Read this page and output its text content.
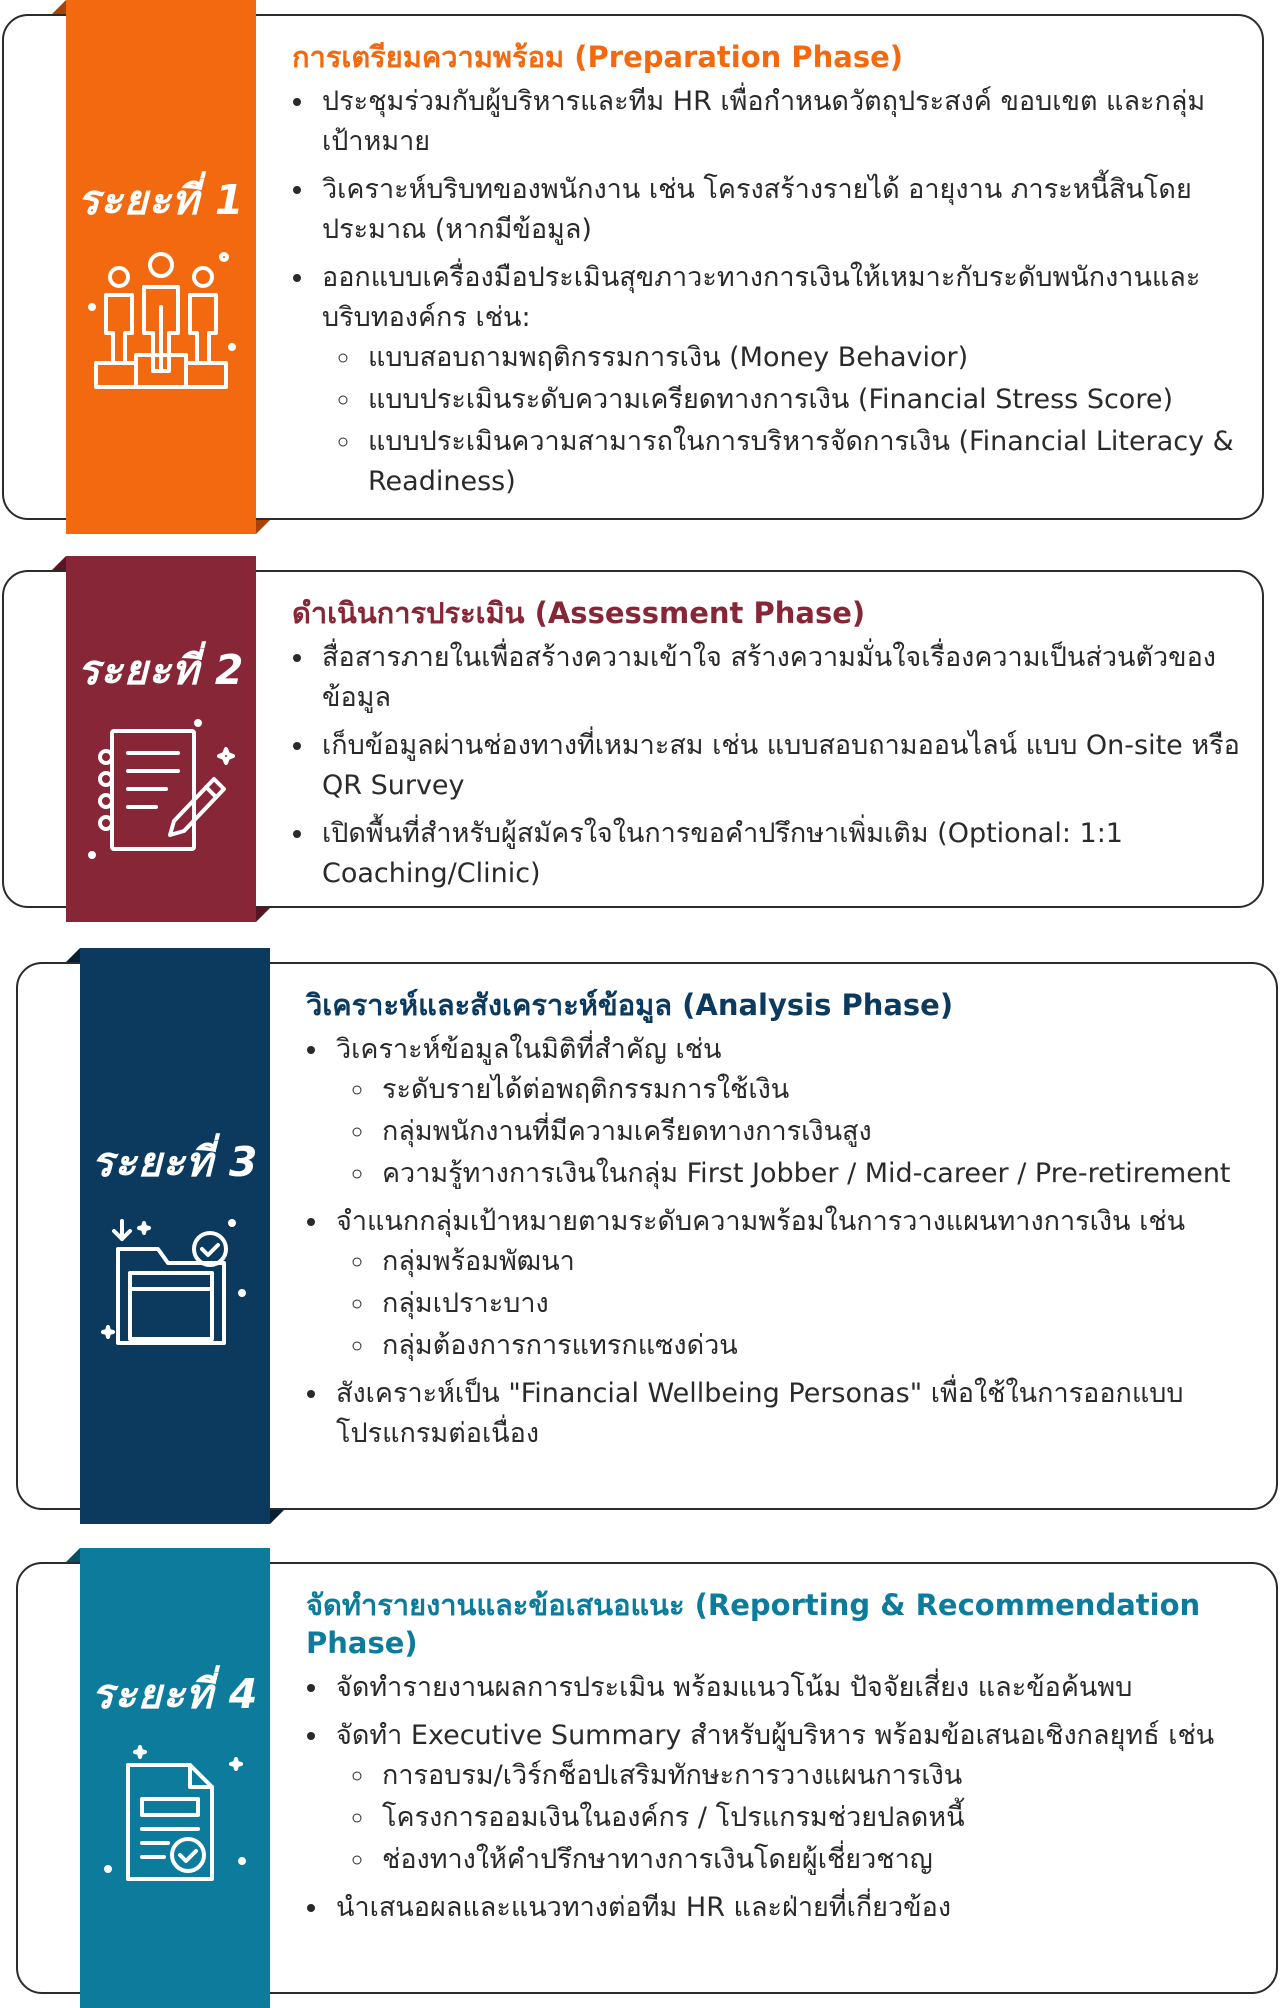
ระยะที่ 1
การเตรียมความพร้อม (Preparation Phase)
• ประชุมร่วมกับผู้บริหารและทีม HR เพื่อกำหนดวัตถุประสงค์ ขอบเขต และกลุ่มเป้าหมาย
• วิเคราะห์บริบทของพนักงาน เช่น โครงสร้างรายได้ อายุงาน ภาระหนี้สินโดยประมาณ (หากมีข้อมูล)
• ออกแบบเครื่องมือประเมินสุขภาวะทางการเงินให้เหมาะกับระดับพนักงานและบริบทองค์กร เช่น:
◦ แบบสอบถามพฤติกรรมการเงิน (Money Behavior)
◦ แบบประเมินระดับความเครียดทางการเงิน (Financial Stress Score)
◦ แบบประเมินความสามารถในการบริหารจัดการเงิน (Financial Literacy & Readiness)
ระยะที่ 2
ดำเนินการประเมิน (Assessment Phase)
• สื่อสารภายในเพื่อสร้างความเข้าใจ สร้างความมั่นใจเรื่องความเป็นส่วนตัวของข้อมูล
• เก็บข้อมูลผ่านช่องทางที่เหมาะสม เช่น แบบสอบถามออนไลน์ แบบ On-site หรือ QR Survey
• เปิดพื้นที่สำหรับผู้สมัครใจในการขอคำปรึกษาเพิ่มเติม (Optional: 1:1 Coaching/Clinic)
ระยะที่ 3
วิเคราะห์และสังเคราะห์ข้อมูล (Analysis Phase)
• วิเคราะห์ข้อมูลในมิติที่สำคัญ เช่น
◦ ระดับรายได้ต่อพฤติกรรมการใช้เงิน
◦ กลุ่มพนักงานที่มีความเครียดทางการเงินสูง
◦ ความรู้ทางการเงินในกลุ่ม First Jobber / Mid-career / Pre-retirement
• จำแนกกลุ่มเป้าหมายตามระดับความพร้อมในการวางแผนทางการเงิน เช่น
◦ กลุ่มพร้อมพัฒนา
◦ กลุ่มเปราะบาง
◦ กลุ่มต้องการการแทรกแซงด่วน
• สังเคราะห์เป็น "Financial Wellbeing Personas" เพื่อใช้ในการออกแบบโปรแกรมต่อเนื่อง
ระยะที่ 4
จัดทำรายงานและข้อเสนอแนะ (Reporting & Recommendation Phase)
• จัดทำรายงานผลการประเมิน พร้อมแนวโน้ม ปัจจัยเสี่ยง และข้อค้นพบ
• จัดทำ Executive Summary สำหรับผู้บริหาร พร้อมข้อเสนอเชิงกลยุทธ์ เช่น
◦ การอบรม/เวิร์กช็อปเสริมทักษะการวางแผนการเงิน
◦ โครงการออมเงินในองค์กร / โปรแกรมช่วยปลดหนี้
◦ ช่องทางให้คำปรึกษาทางการเงินโดยผู้เชี่ยวชาญ
• นำเสนอผลและแนวทางต่อทีม HR และฝ่ายที่เกี่ยวข้อง
